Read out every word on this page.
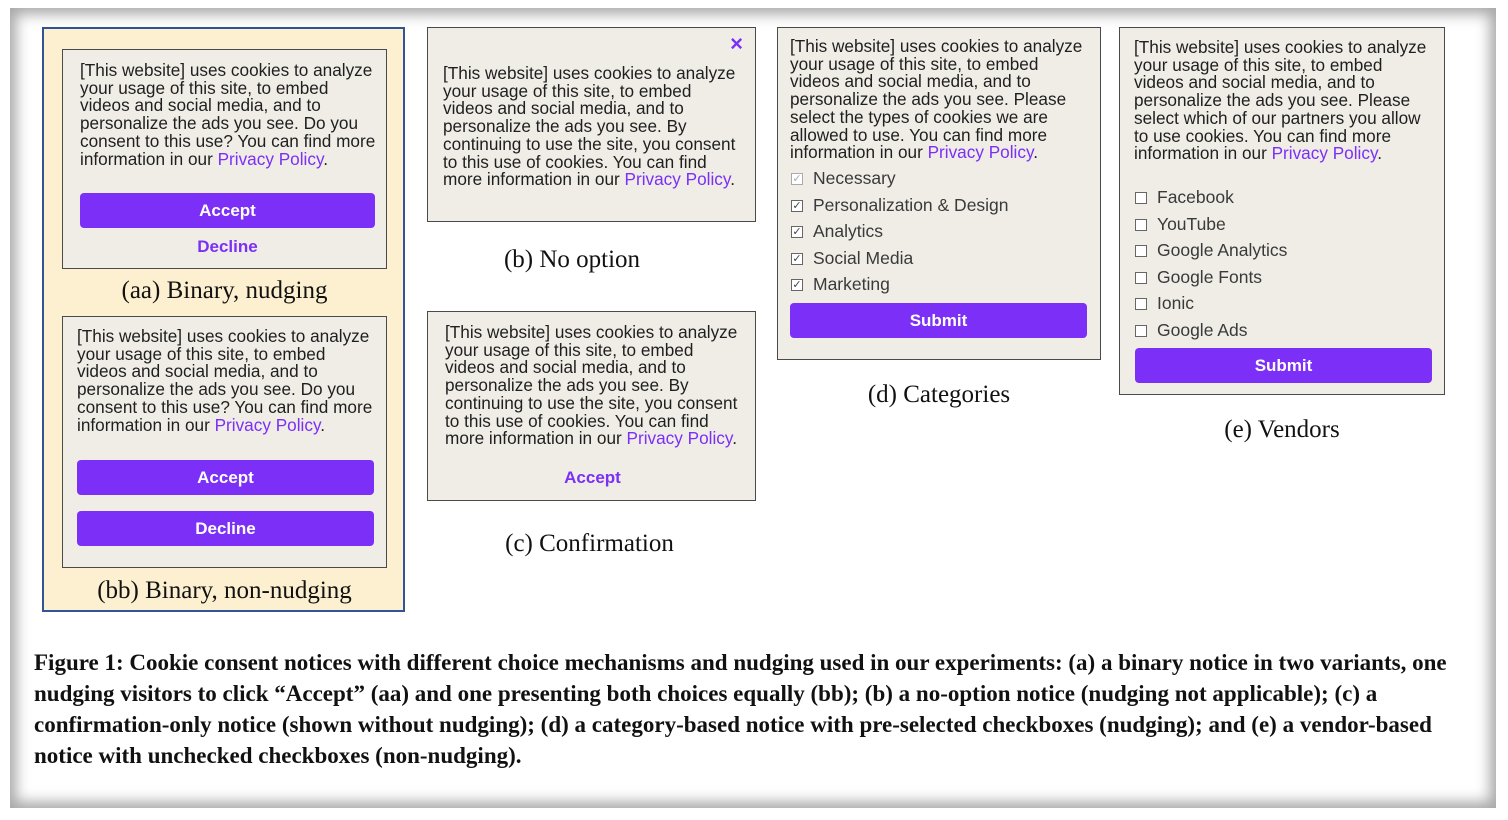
[This website] uses cookies to analyze your usage of this site, to embed videos and social media, and to personalize the ads you see. Do you consent to this use? You can find more information in our Privacy Policy.

Accept
Decline
(aa) Binary, nudging

[This website] uses cookies to analyze your usage of this site, to embed videos and social media, and to personalize the ads you see. Do you consent to this use? You can find more information in our Privacy Policy.

Accept
Decline
(bb) Binary, non-nudging
×

[This website] uses cookies to analyze your usage of this site, to embed videos and social media, and to personalize the ads you see. By continuing to use the site, you consent to this use of cookies. You can find more information in our Privacy Policy.

(b) No option

[This website] uses cookies to analyze your usage of this site, to embed videos and social media, and to personalize the ads you see. By continuing to use the site, you consent to this use of cookies. You can find more information in our Privacy Policy.

Accept
(c) Confirmation

[This website] uses cookies to analyze your usage of this site, to embed videos and social media, and to personalize the ads you see. Please select the types of cookies we are allowed to use. You can find more information in our Privacy Policy.

✓ Necessary
✓ Personalization & Design
✓ Analytics
✓ Social Media
✓ Marketing
Submit
(d) Categories

[This website] uses cookies to analyze your usage of this site, to embed videos and social media, and to personalize the ads you see. Please select which of our partners you allow to use cookies. You can find more information in our Privacy Policy.

Facebook
YouTube
Google Analytics
Google Fonts
Ionic
Google Ads
Submit
(e) Vendors
Figure 1: Cookie consent notices with different choice mechanisms and nudging used in our experiments: (a) a binary notice in two variants, one nudging visitors to click “Accept” (aa) and one presenting both choices equally (bb); (b) a no-option notice (nudging not applicable); (c) a confirmation-only notice (shown without nudging); (d) a category-based notice with pre-selected checkboxes (nudging); and (e) a vendor-based notice with unchecked checkboxes (non-nudging).
